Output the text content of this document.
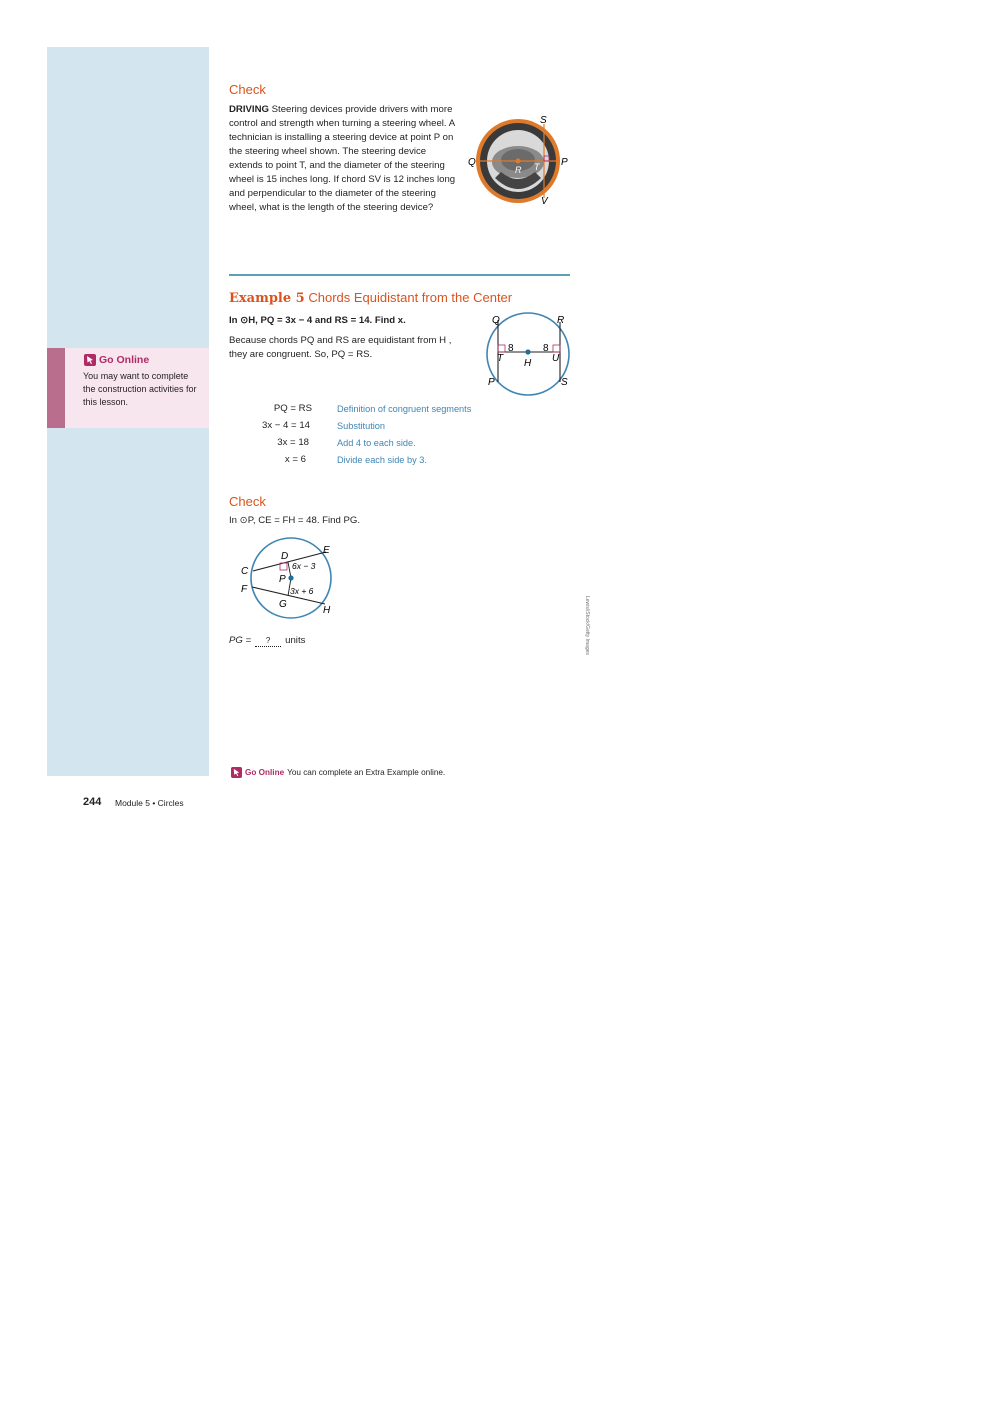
Go Online
You may want to complete the construction activities for this lesson.
Check
DRIVING Steering devices provide drivers with more control and strength when turning a steering wheel. A technician is installing a steering device at point P on the steering wheel shown. The steering device extends to point T, and the diameter of the steering wheel is 15 inches long. If chord SV is 12 inches long and perpendicular to the diameter of the steering wheel, what is the length of the steering device?
S
Q
R T P
V
Example 5 Chords Equidistant from the Center
In ⊙H, PQ = 3x − 4 and RS = 14. Find x.
Because chords PQ and RS are equidistant from H ,
they are congruent. So, PQ = RS.
Q	R
8	8
T	U
H
P	S
PQ = RS	Definition of congruent segments
3x − 4 = 14	Substitution
3x = 18	Add 4 to each side.
x = 6	Divide each side by 3.
Check
In ⊙P, CE = FH = 48. Find PG.
E
D
6x − 3
C
P
F	3x + 6
G
H
PG =	?	units	Lewis/iStock/Getty Images
Go Online You can complete an Extra Example online.
244 Module 5 • Circles
